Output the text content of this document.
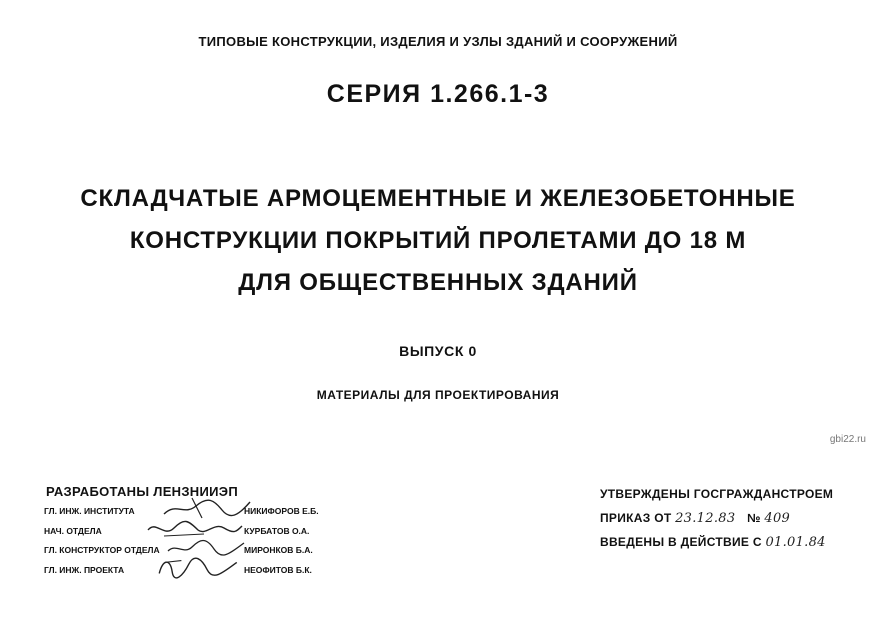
ТИПОВЫЕ КОНСТРУКЦИИ, ИЗДЕЛИЯ И УЗЛЫ ЗДАНИЙ И СООРУЖЕНИЙ
СЕРИЯ 1.266.1-3
СКЛАДЧАТЫЕ АРМОЦЕМЕНТНЫЕ И ЖЕЛЕЗОБЕТОННЫЕ
КОНСТРУКЦИИ ПОКРЫТИЙ ПРОЛЕТАМИ ДО 18 М
ДЛЯ ОБЩЕСТВЕННЫХ ЗДАНИЙ
ВЫПУСК 0
МАТЕРИАЛЫ ДЛЯ ПРОЕКТИРОВАНИЯ
gbi22.ru
РАЗРАБОТАНЫ ЛЕНЗНИИЭП
ГЛ. ИНЖ. ИНСТИТУТА	НИКИФОРОВ Е.Б.
НАЧ. ОТДЕЛА	КУРБАТОВ О.А.
ГЛ. КОНСТРУКТОР ОТДЕЛА	МИРОНКОВ Б.А.
ГЛ. ИНЖ. ПРОЕКТА	НЕОФИТОВ Б.К.
УТВЕРЖДЕНЫ ГОСГРАЖДАНСТРОЕМ
ПРИКАЗ ОТ 23.12.83 № 409
ВВЕДЕНЫ В ДЕЙСТВИЕ С 01.01.84
